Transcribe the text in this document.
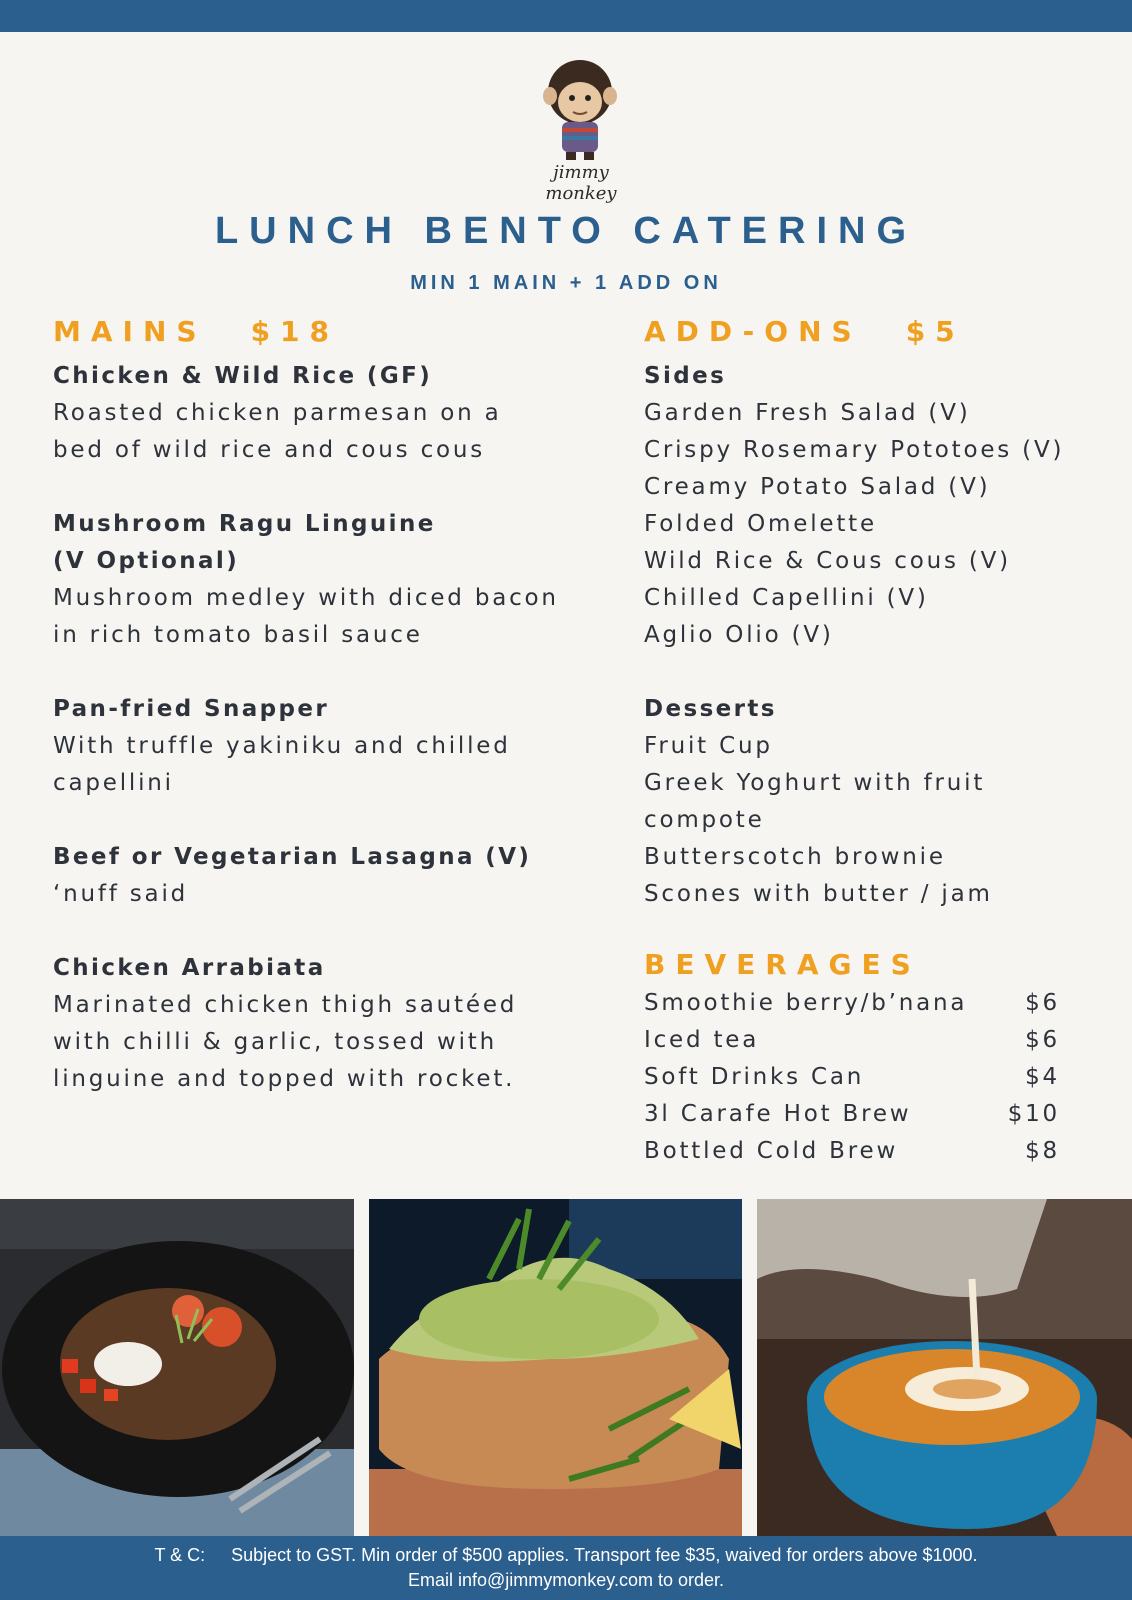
jimmy monkey
LUNCH BENTO CATERING
MIN 1 MAIN + 1 ADD ON
MAINS $18
Chicken & Wild Rice (GF)
Roasted chicken parmesan on a bed of wild rice and cous cous
Mushroom Ragu Linguine (V Optional)
Mushroom medley with diced bacon in rich tomato basil sauce
Pan-fried Snapper
With truffle yakiniku and chilled capellini
Beef or Vegetarian Lasagna (V)
‘nuff said
Chicken Arrabiata
Marinated chicken thigh sautéed with chilli & garlic, tossed with linguine and topped with rocket.
ADD-ONS $5
Sides
Garden Fresh Salad (V)
Crispy Rosemary Pototoes (V)
Creamy Potato Salad (V)
Folded Omelette
Wild Rice & Cous cous (V)
Chilled Capellini (V)
Aglio Olio (V)
Desserts
Fruit Cup
Greek Yoghurt with fruit compote
Butterscotch brownie
Scones with butter / jam
BEVERAGES
Smoothie berry/b’nana	$6
Iced tea	$6
Soft Drinks Can	$4
3l Carafe Hot Brew	$10
Bottled Cold Brew	$8
T & C: Subject to GST. Min order of $500 applies. Transport fee $35, waived for orders above $1000.
Email info@jimmymonkey.com to order.
